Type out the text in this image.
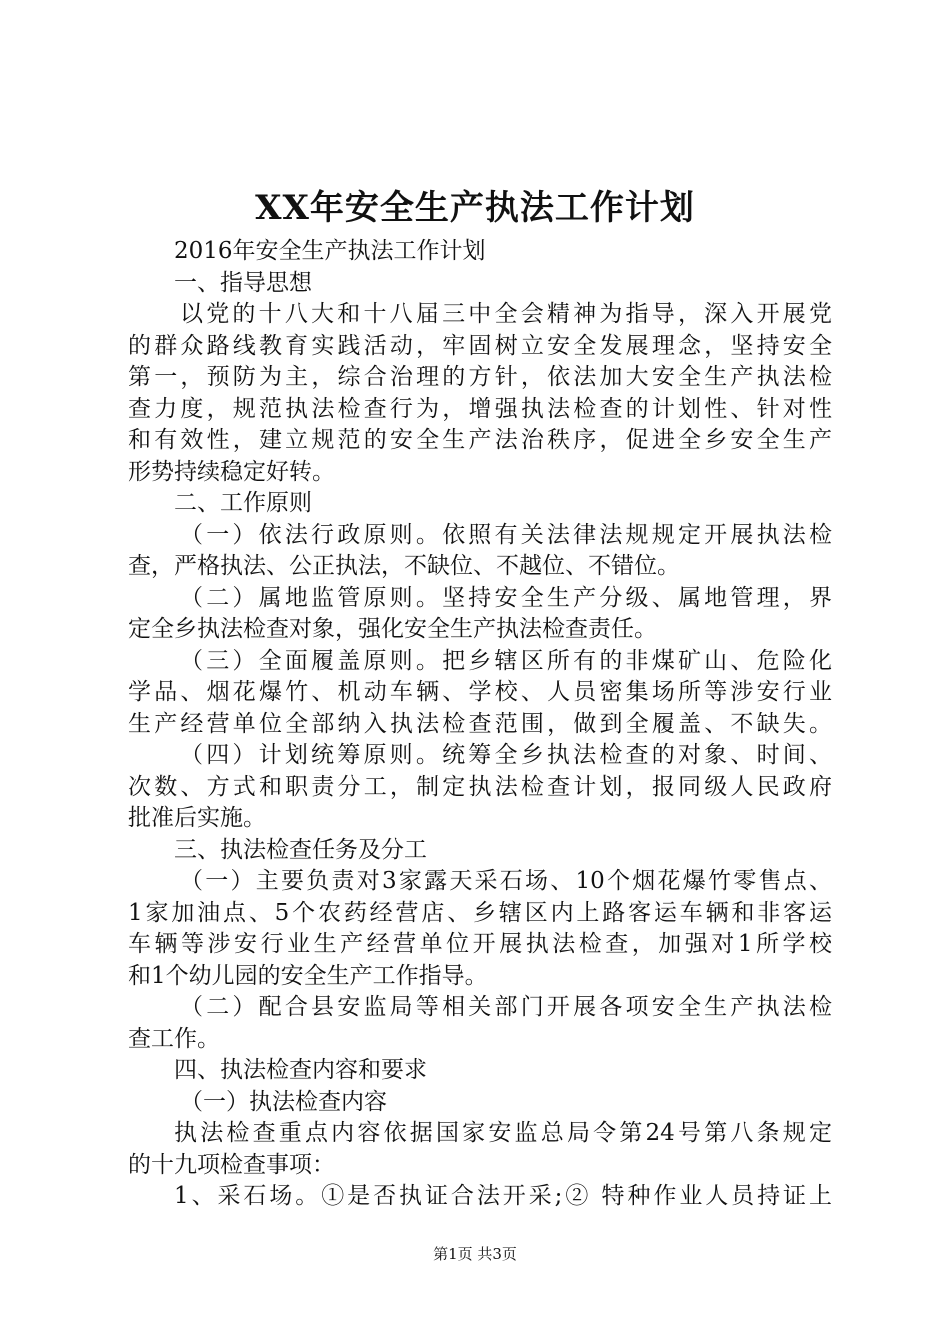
XX年安全生产执法工作计划
2016年安全生产执法工作计划
一、指导思想
以党的十八大和十八届三中全会精神为指导，深入开展党
的群众路线教育实践活动，牢固树立安全发展理念，坚持安全
第一，预防为主，综合治理的方针，依法加大安全生产执法检
查力度，规范执法检查行为，增强执法检查的计划性、针对性
和有效性，建立规范的安全生产法治秩序，促进全乡安全生产
形势持续稳定好转。
二、工作原则
（一）依法行政原则。依照有关法律法规规定开展执法检
查，严格执法、公正执法，不缺位、不越位、不错位。
（二）属地监管原则。坚持安全生产分级、属地管理，界
定全乡执法检查对象，强化安全生产执法检查责任。
（三）全面履盖原则。把乡辖区所有的非煤矿山、危险化
学品、烟花爆竹、机动车辆、学校、人员密集场所等涉安行业
生产经营单位全部纳入执法检查范围，做到全履盖、不缺失。
（四）计划统筹原则。统筹全乡执法检查的对象、时间、
次数、方式和职责分工，制定执法检查计划，报同级人民政府
批准后实施。
三、执法检查任务及分工
（一）主要负责对3家露天采石场、10个烟花爆竹零售点、
1家加油点、5个农药经营店、乡辖区内上路客运车辆和非客运
车辆等涉安行业生产经营单位开展执法检查，加强对1所学校
和1个幼儿园的安全生产工作指导。
（二）配合县安监局等相关部门开展各项安全生产执法检
查工作。
四、执法检查内容和要求
（一）执法检查内容
执法检查重点内容依据国家安监总局令第24号第八条规定
的十九项检查事项：
1、采石场。①是否执证合法开采;② 特种作业人员持证上
第1页 共3页
